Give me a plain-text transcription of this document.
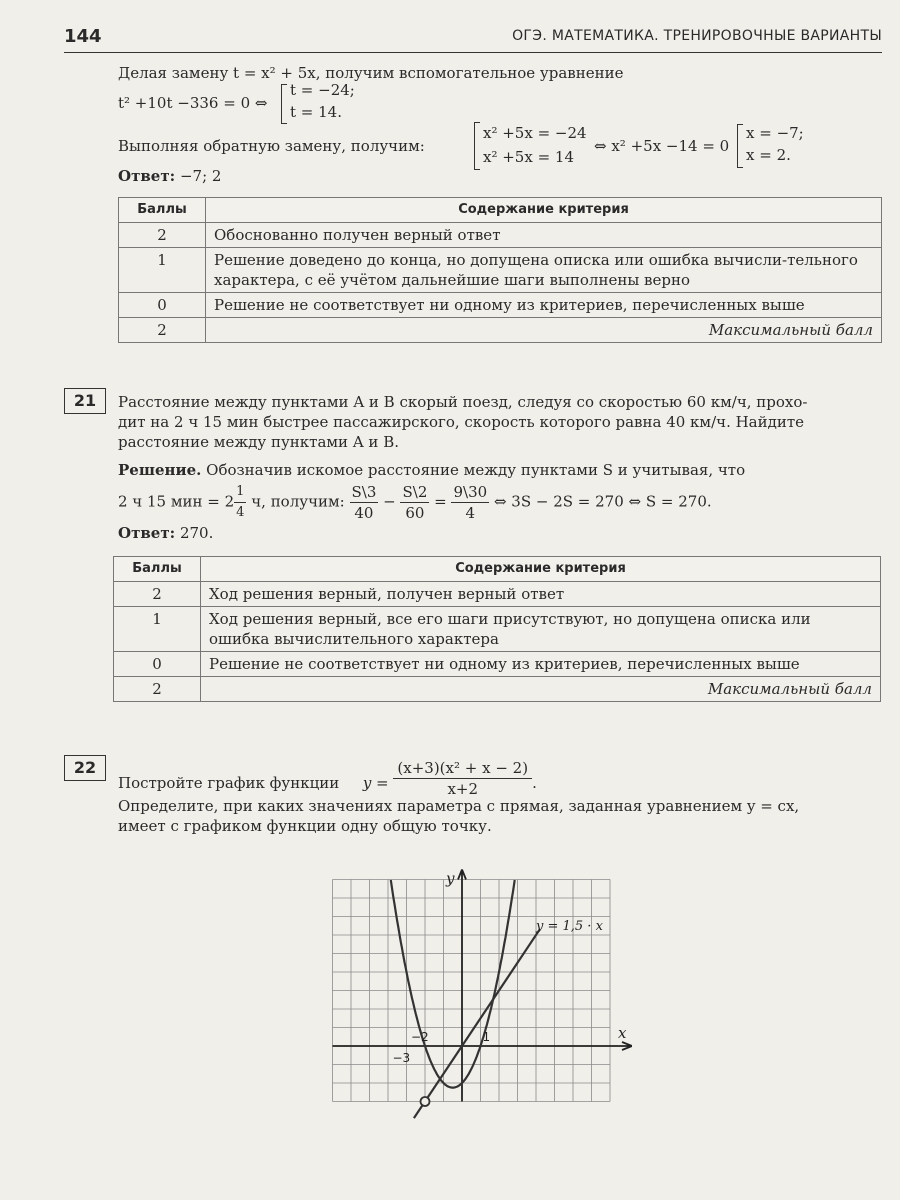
144	ОГЭ. МАТЕМАТИКА. ТРЕНИРОВОЧНЫЕ ВАРИАНТЫ
Делая замену t = x² + 5x, получим вспомогательное уравнение
t² +10t −336 = 0 ⇔
t = −24;
t = 14.
Выполняя обратную замену, получим:
x² +5x = −24
x² +5x = 14
⇔ x² +5x −14 = 0
x = −7;
x = 2.
Ответ: −7; 2
Баллы	Содержание критерия
2	Обоснованно получен верный ответ
1	Решение доведено до конца, но допущена описка или ошибка вычисли-тельного характера, с её учётом дальнейшие шаги выполнены верно
0	Решение не соответствует ни одному из критериев, перечисленных выше
2	Максимальный балл
21	Расстояние между пунктами A и B скорый поезд, следуя со скоростью 60 км/ч, прохо-
дит на 2 ч 15 мин быстрее пассажирского, скорость которого равна 40 км/ч. Найдите
расстояние между пунктами A и B.
Решение. Обозначив искомое расстояние между пунктами S и учитывая, что
2 ч 15 мин = $2 \frac{1}{4} ч$, получим: $\frac{S\backslash 3}{40} - \frac{S\backslash 2}{60} = \frac{9\backslash 30}{4}$ ⇔ 3S − 2S = 270 ⇔ S = 270.
Ответ: 270.
Баллы	Содержание критерия
2	Ход решения верный, получен верный ответ
1	Ход решения верный, все его шаги присутствуют, но допущена описка или ошибка вычислительного характера
0	Решение не соответствует ни одному из критериев, перечисленных выше
2	Максимальный балл
22
Постройте график функции $y = \frac{\text{(x+3)(x² + x − 2)}}{x+2}$ .
Определите, при каких значениях параметра c прямая, заданная уравнением y = cx,
имеет с графиком функции одну общую точку.
y
x
−3
−2	1
y = 1,5 · x
